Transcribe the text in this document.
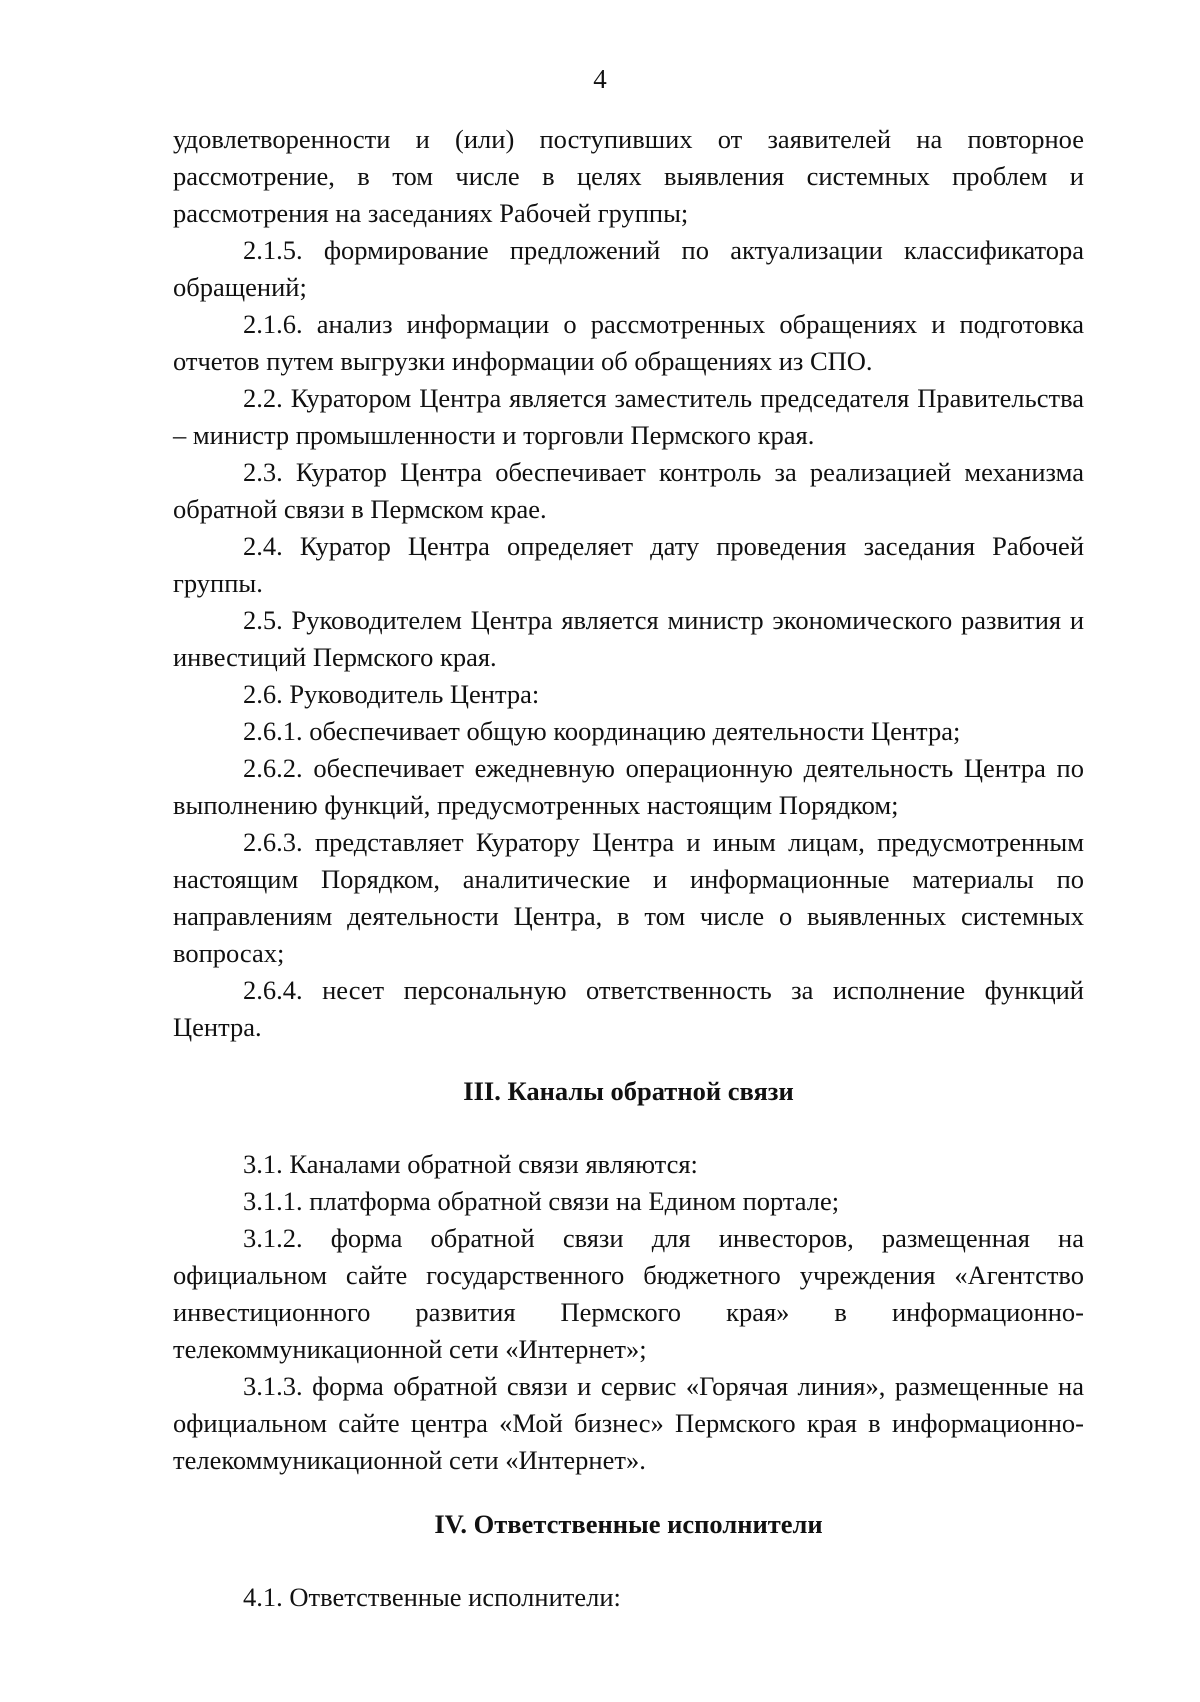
4

удовлетворенности и (или) поступивших от заявителей на повторное рассмотрение, в том числе в целях выявления системных проблем и рассмотрения на заседаниях Рабочей группы;

2.1.5. формирование предложений по актуализации классификатора обращений;

2.1.6. анализ информации о рассмотренных обращениях и подготовка отчетов путем выгрузки информации об обращениях из СПО.

2.2. Куратором Центра является заместитель председателя Правительства – министр промышленности и торговли Пермского края.

2.3. Куратор Центра обеспечивает контроль за реализацией механизма обратной связи в Пермском крае.

2.4. Куратор Центра определяет дату проведения заседания Рабочей группы.

2.5. Руководителем Центра является министр экономического развития и инвестиций Пермского края.

2.6. Руководитель Центра:

2.6.1. обеспечивает общую координацию деятельности Центра;

2.6.2. обеспечивает ежедневную операционную деятельность Центра по выполнению функций, предусмотренных настоящим Порядком;

2.6.3. представляет Куратору Центра и иным лицам, предусмотренным настоящим Порядком, аналитические и информационные материалы по направлениям деятельности Центра, в том числе о выявленных системных вопросах;

2.6.4. несет персональную ответственность за исполнение функций Центра.

III. Каналы обратной связи

3.1. Каналами обратной связи являются:

3.1.1. платформа обратной связи на Едином портале;

3.1.2. форма обратной связи для инвесторов, размещенная на официальном сайте государственного бюджетного учреждения «Агентство инвестиционного развития Пермского края» в информационно-телекоммуникационной сети «Интернет»;

3.1.3. форма обратной связи и сервис «Горячая линия», размещенные на официальном сайте центра «Мой бизнес» Пермского края в информационно-телекоммуникационной сети «Интернет».

IV. Ответственные исполнители

4.1. Ответственные исполнители:
